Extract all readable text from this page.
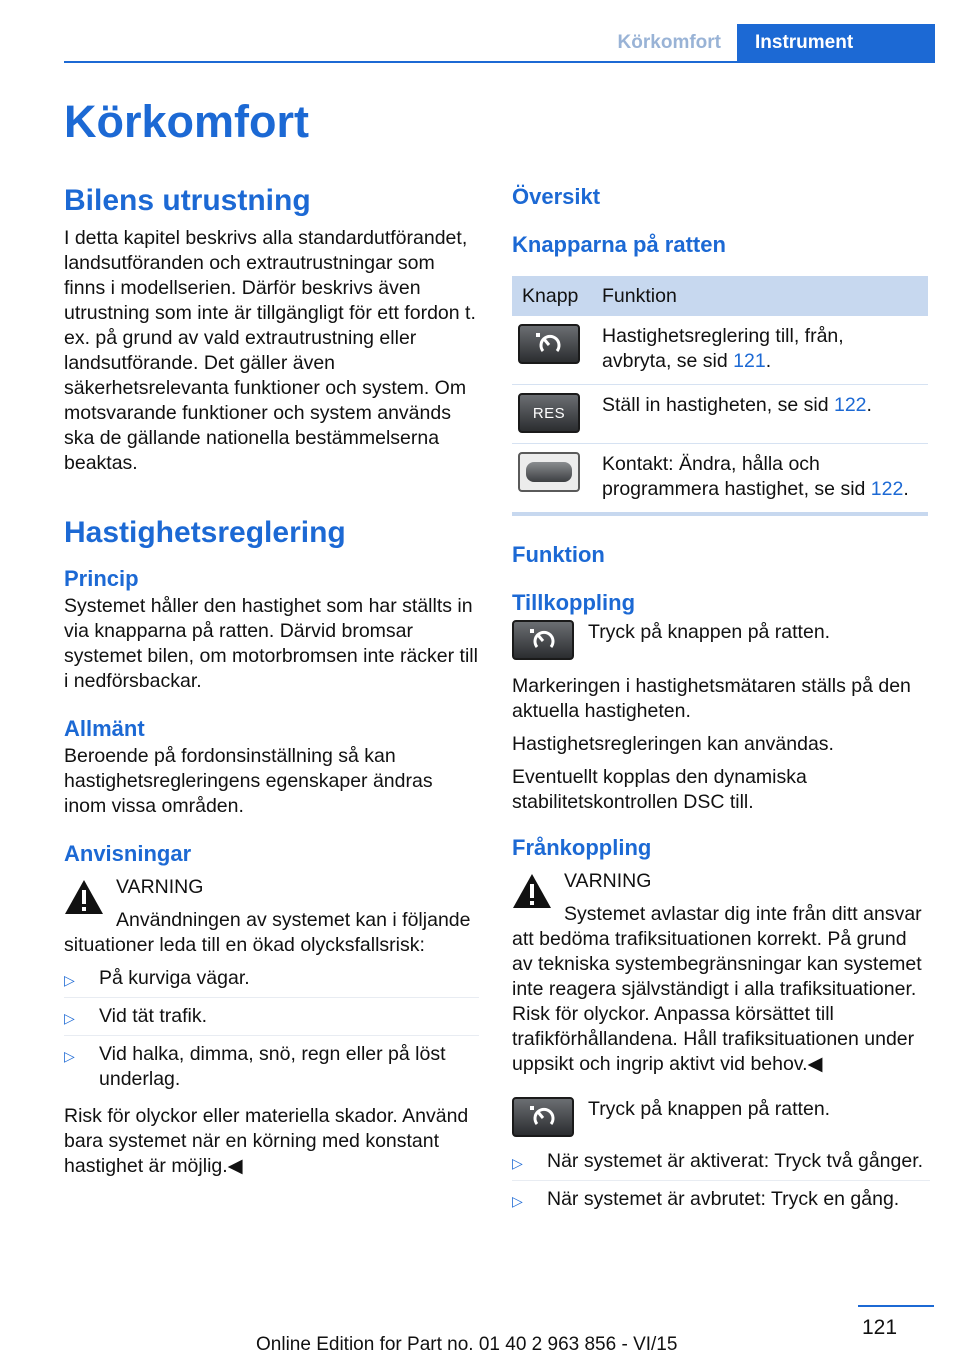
Körkomfort	Instrument
Körkomfort
Bilens utrustning

I detta kapitel beskrivs alla standardutförandet, landsutföranden och extrautrustningar som finns i modellserien. Därför beskrivs även utrustning som inte är tillgängligt för ett fordon t. ex. på grund av vald extrautrustning eller landsutförande. Det gäller även säkerhetsrelevanta funktioner och system. Om motsvarande funktioner och system används ska de gällande nationella bestämmelserna beaktas.

Hastighetsreglering
Princip

Systemet håller den hastighet som har ställts in via knapparna på ratten. Därvid bromsar systemet bilen, om motorbromsen inte räcker till i nedförsbackar.

Allmänt

Beroende på fordonsinställning så kan hastighetsregleringens egenskaper ändras inom vissa områden.

Anvisningar
VARNING
Användningen av systemet kan i följande situationer leda till en ökad olycksfallsrisk:
▷ På kurviga vägar.
▷ Vid tät trafik.
▷ Vid halka, dimma, snö, regn eller på löst underlag.

Risk för olyckor eller materiella skador. Använd bara systemet när en körning med konstant hastighet är möjlig.◀

Översikt
Knapparna på ratten
Knapp	Funktion

	Hastighetsreglering till, från, avbryta, se sid 121.

RES	Ställ in hastigheten, se sid 122.

	Kontakt: Ändra, hålla och programmera hastighet, se sid 122.
Funktion
Tillkoppling
Tryck på knappen på ratten.

Markeringen i hastighetsmätaren ställs på den aktuella hastigheten.

Hastighetsregleringen kan användas.

Eventuellt kopplas den dynamiska stabilitetskontrollen DSC till.

Frånkoppling
VARNING
Systemet avlastar dig inte från ditt ansvar att bedöma trafiksituationen korrekt. På grund av tekniska systembegränsningar kan systemet inte reagera självständigt i alla trafiksituationer. Risk för olyckor. Anpassa körsättet till trafikförhållandena. Håll trafiksituationen under uppsikt och ingrip aktivt vid behov.◀
Tryck på knappen på ratten.
▷ När systemet är aktiverat: Tryck två gånger.
▷ När systemet är avbrutet: Tryck en gång.
121
Online Edition for Part no. 01 40 2 963 856 - VI/15
